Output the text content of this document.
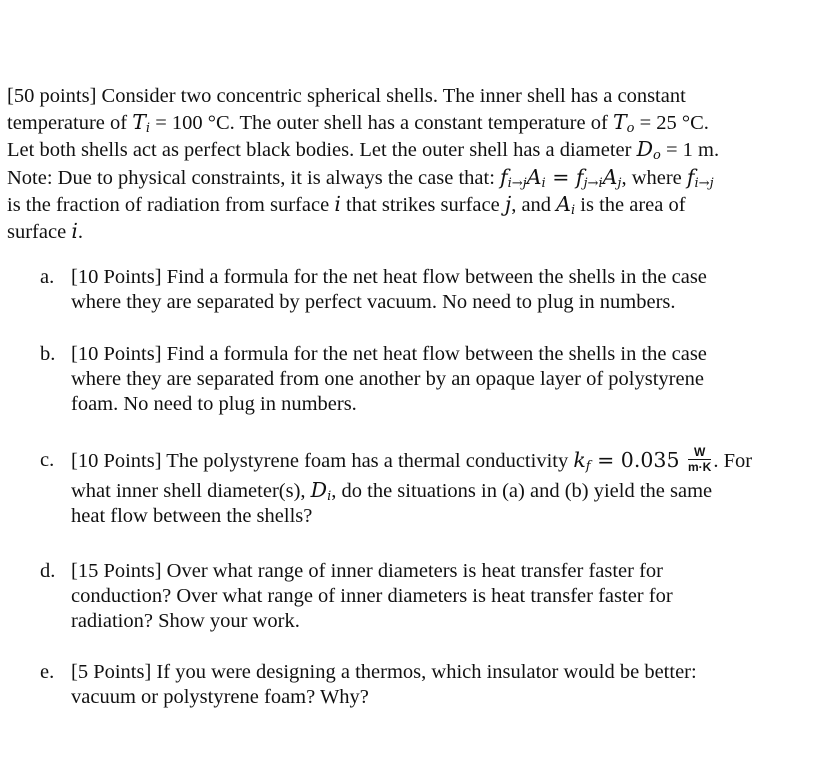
[50 points] Consider two concentric spherical shells. The inner shell has a constant
temperature of $T_i = 100$ °C. The outer shell has a constant temperature of $T_o = 25$ °C.
Let both shells act as perfect black bodies. Let the outer shell has a diameter $D_o = 1$ m.
Note: Due to physical constraints, it is always the case that: $f_{i\to j}A_i = f_{j\to i}A_j$, where $f_{i\to j}$
is the fraction of radiation from surface i that strikes surface j, and $A_i$ is the area of
surface i.
a. [10 Points] Find a formula for the net heat flow between the shells in the case
where they are separated by perfect vacuum. No need to plug in numbers.
b. [10 Points] Find a formula for the net heat flow between the shells in the case
where they are separated from one another by an opaque layer of polystyrene
foam. No need to plug in numbers.
c. [10 Points] The polystyrene foam has a thermal conductivity $k_f = 0.035 \frac{W}{m\cdot K}$ . For
what inner shell diameter(s), $D_i$, do the situations in (a) and (b) yield the same
heat flow between the shells?
d. [15 Points] Over what range of inner diameters is heat transfer faster for
conduction? Over what range of inner diameters is heat transfer faster for
radiation? Show your work.
e. [5 Points] If you were designing a thermos, which insulator would be better:
vacuum or polystyrene foam? Why?
